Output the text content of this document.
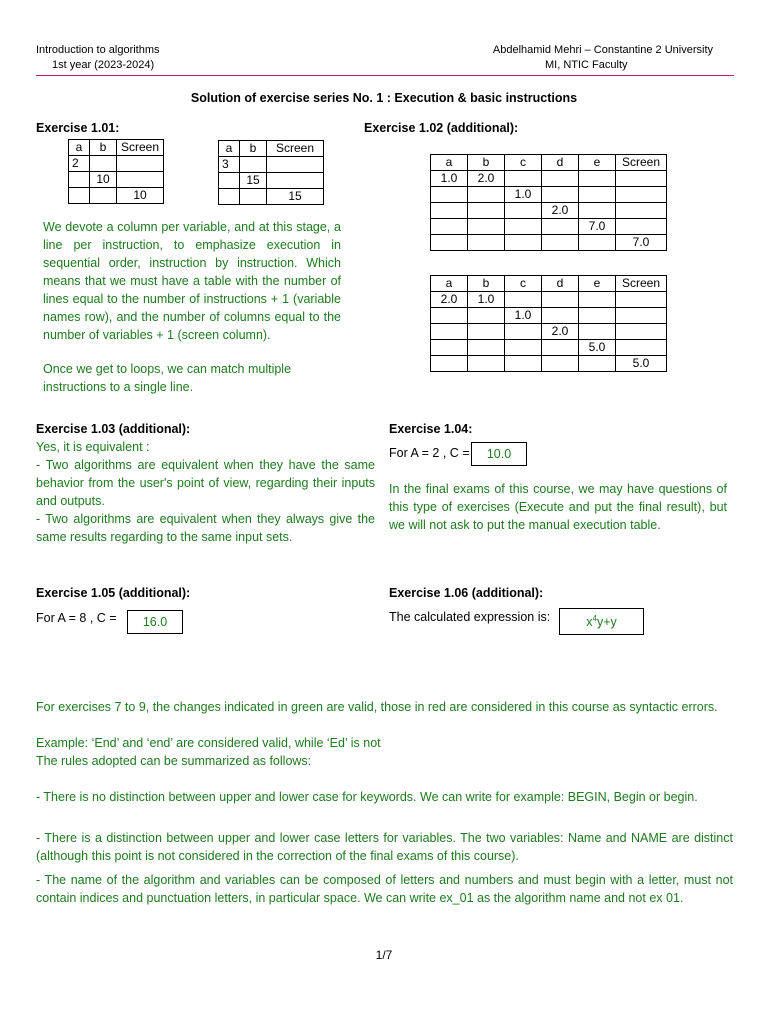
Introduction to algorithms
1st year (2023-2024)
Abdelhamid Mehri – Constantine 2 University
MI, NTIC Faculty
Solution of exercise series No. 1 : Execution & basic instructions
Exercise 1.01:
a	b	Screen
2		
	10	
		10
a	b	Screen
3		
	15	
		15
We devote a column per variable, and at this stage, a line per instruction, to emphasize execution in sequential order, instruction by instruction. Which means that we must have a table with the number of lines equal to the number of instructions + 1 (variable names row), and the number of columns equal to the number of variables + 1 (screen column).
Once we get to loops, we can match multiple instructions to a single line.
Exercise 1.02 (additional):
a	b	c	d	e	Screen
1.0	2.0				
		1.0			
			2.0		
				7.0	
					7.0
a	b	c	d	e	Screen
2.0	1.0				
		1.0			
			2.0		
				5.0	
					5.0
Exercise 1.03 (additional):
Yes, it is equivalent :
- Two algorithms are equivalent when they have the same behavior from the user's point of view, regarding their inputs and outputs.
- Two algorithms are equivalent when they always give the same results regarding to the same input sets.
Exercise 1.04:
For A = 2 , C =	10.0
In the final exams of this course, we may have questions of this type of exercises (Execute and put the final result), but we will not ask to put the manual execution table.
Exercise 1.05 (additional):
For A = 8 , C =	16.0
Exercise 1.06 (additional):
The calculated expression is:	$x^4y+y$
For exercises 7 to 9, the changes indicated in green are valid, those in red are considered in this course as syntactic errors.
Example: ‘End’ and ‘end’ are considered valid, while ‘Ed’ is not
The rules adopted can be summarized as follows:
- There is no distinction between upper and lower case for keywords. We can write for example: BEGIN, Begin or begin.
- There is a distinction between upper and lower case letters for variables. The two variables: Name and NAME are distinct (although this point is not considered in the correction of the final exams of this course).
- The name of the algorithm and variables can be composed of letters and numbers and must begin with a letter, must not contain indices and punctuation letters, in particular space. We can write ex_01 as the algorithm name and not ex 01.
1/7
